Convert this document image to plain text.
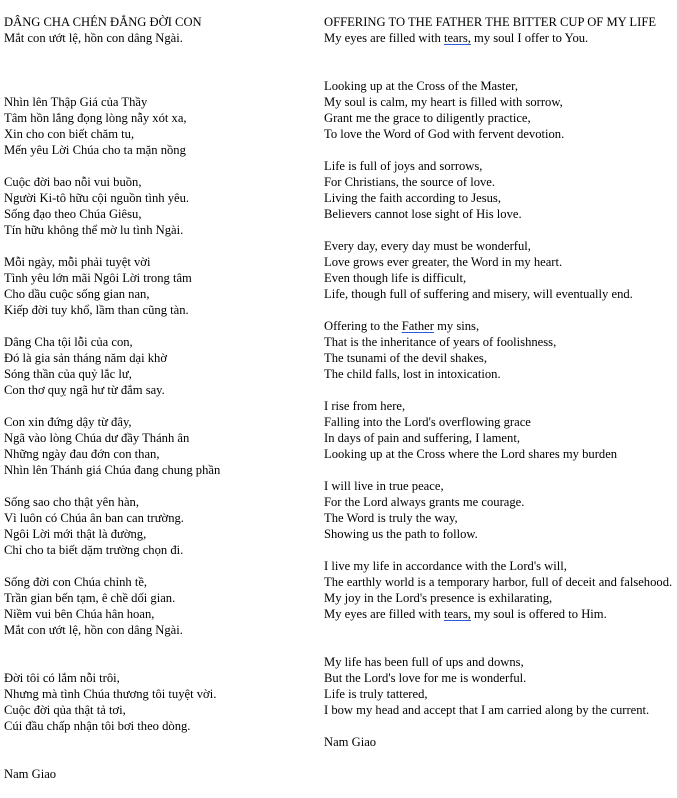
DÂNG CHA CHÉN ĐẮNG ĐỜI CON
Mắt con ướt lệ, hồn con dâng Ngài.
Nhìn lên Thập Giá của Thầy
Tâm hồn lắng đọng lòng nẫy xót xa,
Xin cho con biết chăm tu,
Mến yêu Lời Chúa cho ta mặn nồng
Cuộc đời bao nỗi vui buồn,
Người Ki-tô hữu cội nguồn tình yêu.
Sống đạo theo Chúa Giêsu,
Tín hữu không thể mờ lu tình Ngài.
Mỗi ngày, mỗi phải tuyệt vời
Tình yêu lớn mãi Ngôi Lời trong tâm
Cho dầu cuộc sống gian nan,
Kiếp đời tuy khổ, lầm than cũng tàn.
Dâng Cha tội lỗi của con,
Đó là gia sản tháng năm dại khờ
Sóng thần của quỷ lắc lư,
Con thơ quỵ ngã hư từ đắm say.
Con xin đứng dậy từ đây,
Ngã vào lòng Chúa dư đầy Thánh ân
Những ngày đau đớn con than,
Nhìn lên Thánh giá Chúa đang chung phần
Sống sao cho thật yên hàn,
Vì luôn có Chúa ân ban can trường.
Ngôi Lời mới thật là đường,
Chỉ cho ta biết dặm trường chọn đi.
Sống đời con Chúa chỉnh tề,
Trần gian bến tạm, ê chề dối gian.
Niềm vui bên Chúa hân hoan,
Mắt con ướt lệ, hồn con dâng Ngài.
Đời tôi có lắm nỗi trôi,
Nhưng mà tình Chúa thương tôi tuyệt vời.
Cuộc đời qủa thật tả tơi,
Cúi đầu chấp nhận tôi bơi theo dòng.
Nam Giao
OFFERING TO THE FATHER THE BITTER CUP OF MY LIFE
My eyes are filled with tears, my soul I offer to You.
Looking up at the Cross of the Master,
My soul is calm, my heart is filled with sorrow,
Grant me the grace to diligently practice,
To love the Word of God with fervent devotion.
Life is full of joys and sorrows,
For Christians, the source of love.
Living the faith according to Jesus,
Believers cannot lose sight of His love.
Every day, every day must be wonderful,
Love grows ever greater, the Word in my heart.
Even though life is difficult,
Life, though full of suffering and misery, will eventually end.
Offering to the Father my sins,
That is the inheritance of years of foolishness,
The tsunami of the devil shakes,
The child falls, lost in intoxication.
I rise from here,
Falling into the Lord's overflowing grace
In days of pain and suffering, I lament,
Looking up at the Cross where the Lord shares my burden
I will live in true peace,
For the Lord always grants me courage.
The Word is truly the way,
Showing us the path to follow.
I live my life in accordance with the Lord's will,
The earthly world is a temporary harbor, full of deceit and falsehood.
My joy in the Lord's presence is exhilarating,
My eyes are filled with tears, my soul is offered to Him.
My life has been full of ups and downs,
But the Lord's love for me is wonderful.
Life is truly tattered,
I bow my head and accept that I am carried along by the current.
Nam Giao
